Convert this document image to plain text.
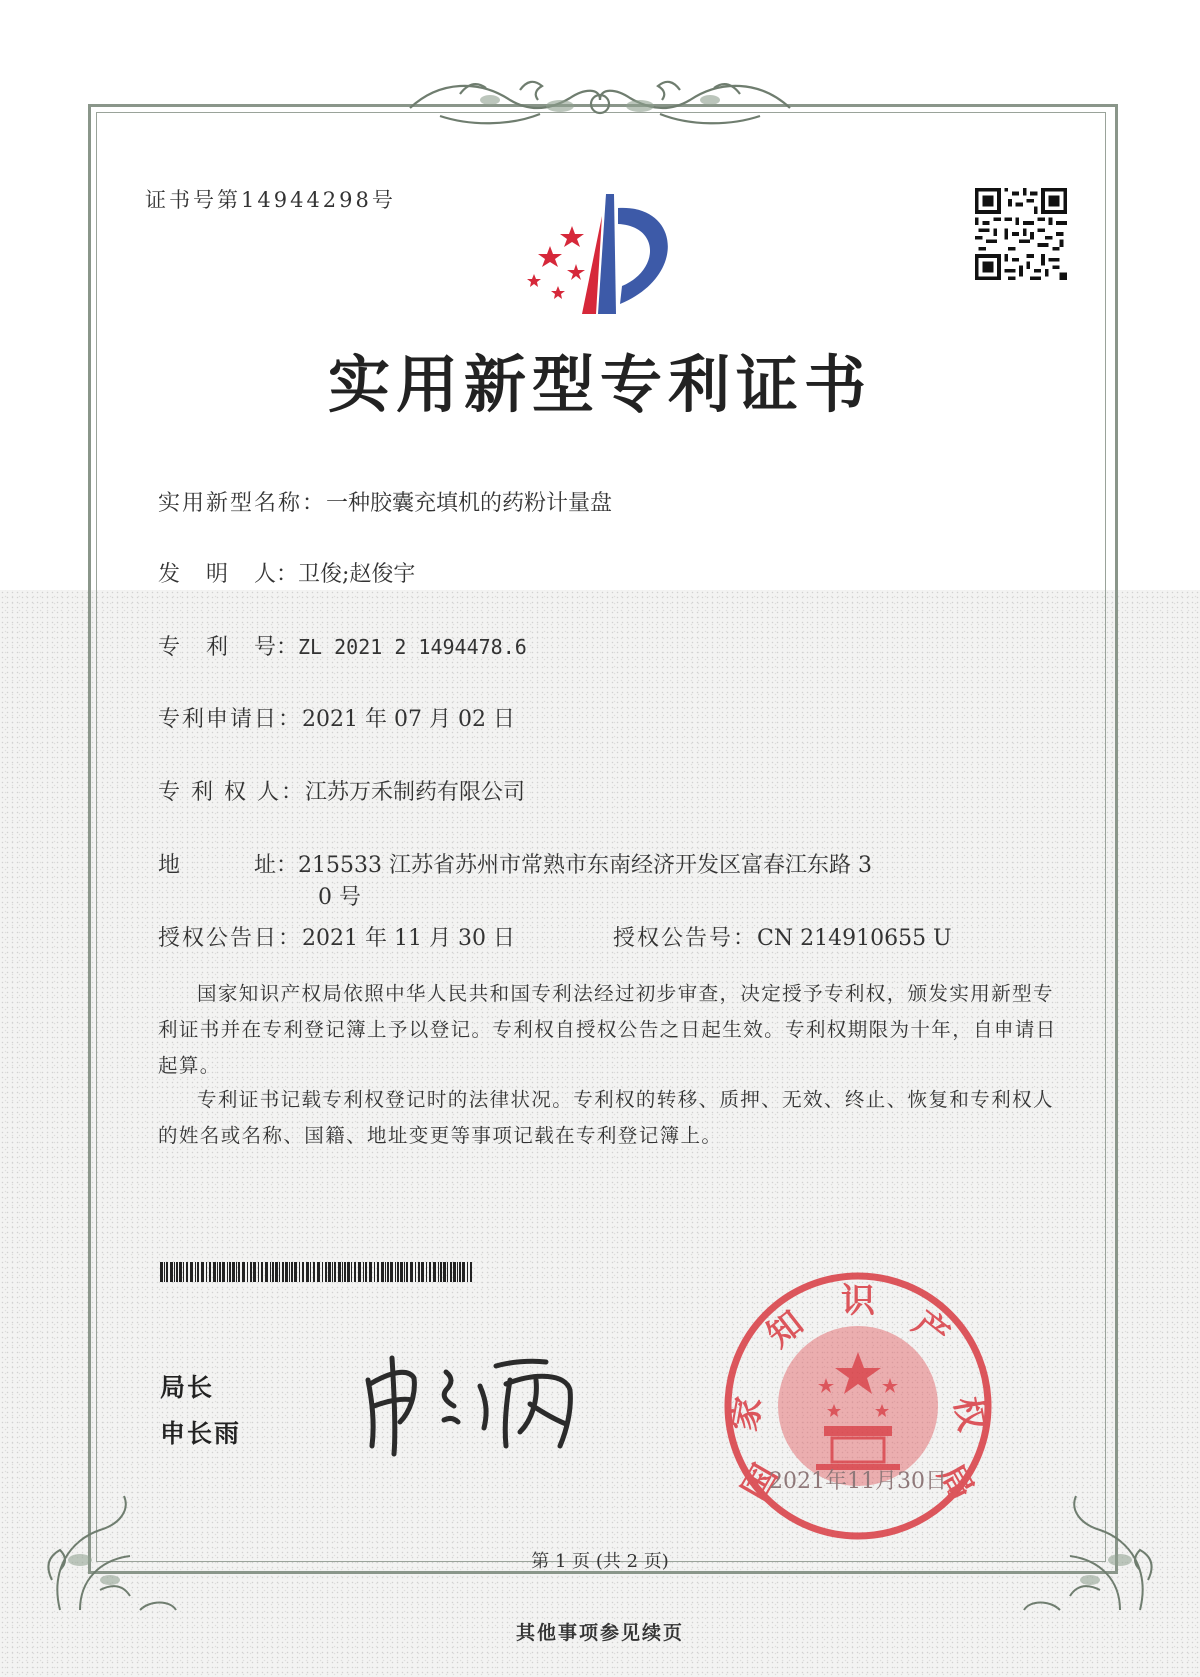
证书号第14944298号
实用新型专利证书
实用新型名称：一种胶囊充填机的药粉计量盘
发 明 人 ：卫俊;赵俊宇
专 利 号 ：ZL 2021 2 1494478.6
专利申请日：2021 年 07 月 02 日
专 利 权 人：江苏万禾制药有限公司
地	址 ：215533 江苏省苏州市常熟市东南经济开发区富春江东路 3
0 号
授权公告日：2021 年 11 月 30 日	授权公告号：CN 214910655 U
国家知识产权局依照中华人民共和国专利法经过初步审查，决定授予专利权，颁发实用新型专利证书并在专利登记簿上予以登记。专利权自授权公告之日起生效。专利权期限为十年，自申请日起算。
专利证书记载专利权登记时的法律状况。专利权的转移、质押、无效、终止、恢复和专利权人的姓名或名称、国籍、地址变更等事项记载在专利登记簿上。
局长
申长雨
国
家
知
识
产
权
局
2021年11月30日
第 1 页 (共 2 页)
其他事项参见续页
